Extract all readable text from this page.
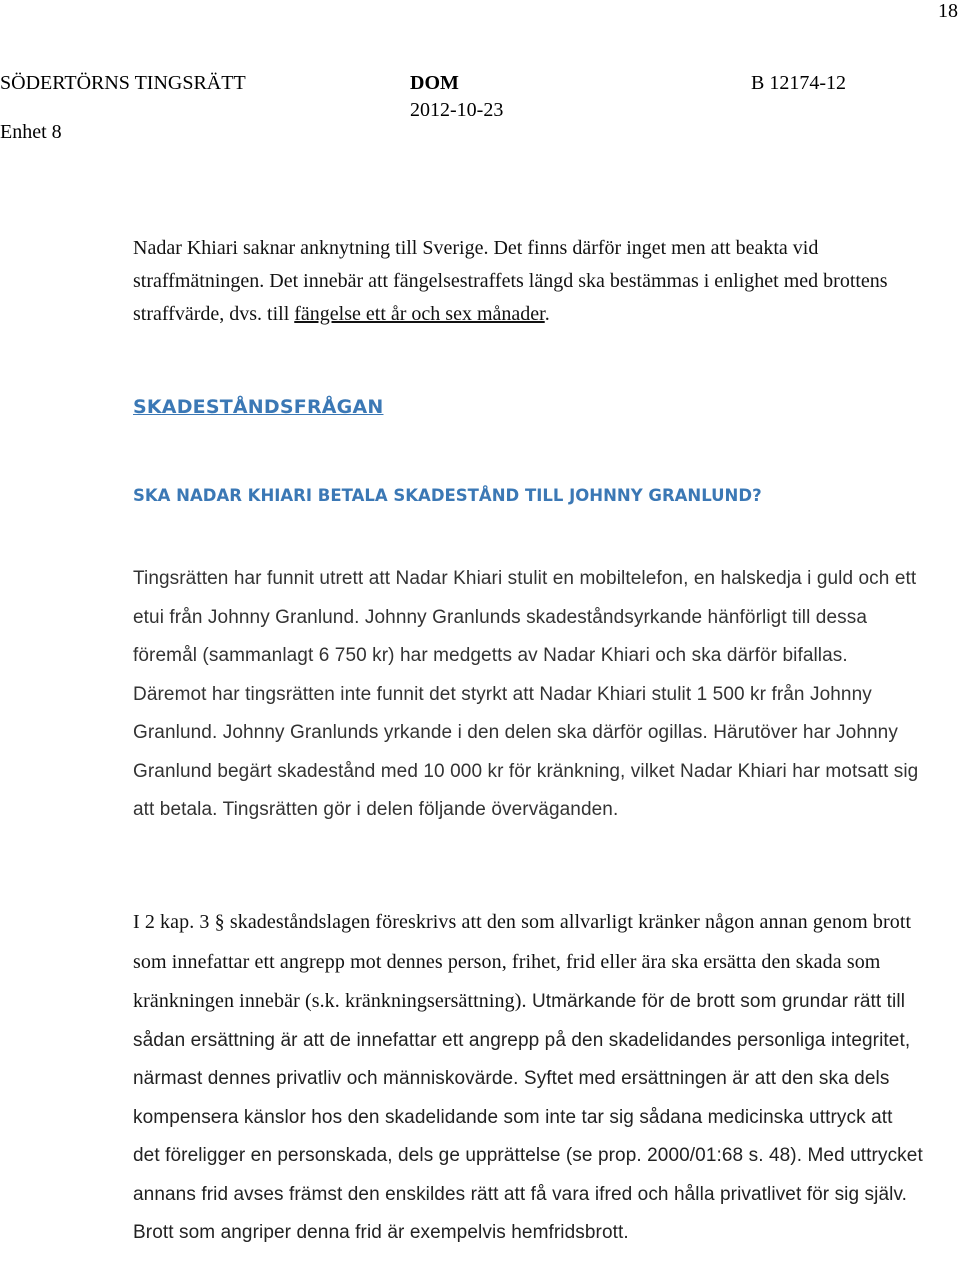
18
SÖDERTÖRNS TINGSRÄTT
Enhet 8
DOM
2012-10-23
B 12174-12

Nadar Khiari saknar anknytning till Sverige. Det finns därför inget men att beakta vid straffmätningen. Det innebär att fängelsestraffets längd ska bestämmas i enlighet med brottens straffvärde, dvs. till fängelse ett år och sex månader.

SKADESTÅNDSFRÅGAN
SKA NADAR KHIARI BETALA SKADESTÅND TILL JOHNNY GRANLUND?

Tingsrätten har funnit utrett att Nadar Khiari stulit en mobiltelefon, en halskedja i guld och ett etui från Johnny Granlund. Johnny Granlunds skadeståndsyrkande hänförligt till dessa föremål (sammanlagt 6 750 kr) har medgetts av Nadar Khiari och ska därför bifallas. Däremot har tingsrätten inte funnit det styrkt att Nadar Khiari stulit 1 500 kr från Johnny Granlund. Johnny Granlunds yrkande i den delen ska därför ogillas. Härutöver har Johnny Granlund begärt skadestånd med 10 000 kr för kränkning, vilket Nadar Khiari har motsatt sig att betala. Tingsrätten gör i delen följande överväganden.

I 2 kap. 3 § skadeståndslagen föreskrivs att den som allvarligt kränker någon annan genom brott som innefattar ett angrepp mot dennes person, frihet, frid eller ära ska ersätta den skada som kränkningen innebär (s.k. kränkningsersättning). Utmärkande för de brott som grundar rätt till sådan ersättning är att de innefattar ett angrepp på den skadelidandes personliga integritet, närmast dennes privatliv och människovärde. Syftet med ersättningen är att den ska dels kompensera känslor hos den skadelidande som inte tar sig sådana medicinska uttryck att det föreligger en personskada, dels ge upprättelse (se prop. 2000/01:68 s. 48). Med uttrycket annans frid avses främst den enskildes rätt att få vara ifred och hålla privatlivet för sig själv. Brott som angriper denna frid är exempelvis hemfridsbrott.
